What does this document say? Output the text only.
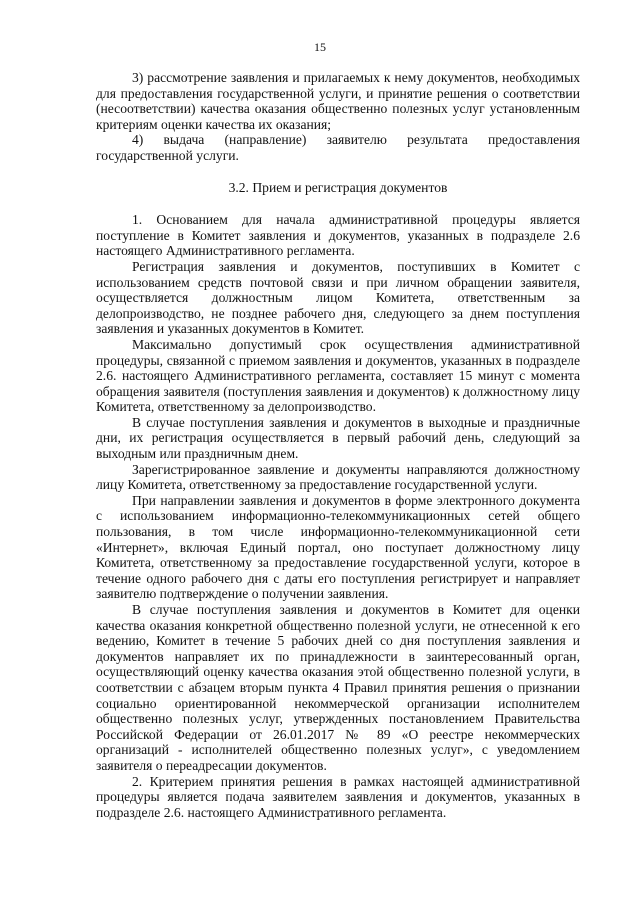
15

3) рассмотрение заявления и прилагаемых к нему документов, необходимых для предоставления государственной услуги, и принятие решения о соответствии (несоответствии) качества оказания общественно полезных услуг установленным критериям оценки качества их оказания;

4) выдача (направление) заявителю результата предоставления государственной услуги.

3.2. Прием и регистрация документов

1. Основанием для начала административной процедуры является поступление в Комитет заявления и документов, указанных в подразделе 2.6 настоящего Административного регламента.

Регистрация заявления и документов, поступивших в Комитет с использованием средств почтовой связи и при личном обращении заявителя, осуществляется должностным лицом Комитета, ответственным за делопроизводство, не позднее рабочего дня, следующего за днем поступления заявления и указанных документов в Комитет.

Максимально допустимый срок осуществления административной процедуры, связанной с приемом заявления и документов, указанных в подразделе 2.6. настоящего Административного регламента, составляет 15 минут с момента обращения заявителя (поступления заявления и документов) к должностному лицу Комитета, ответственному за делопроизводство.

В случае поступления заявления и документов в выходные и праздничные дни, их регистрация осуществляется в первый рабочий день, следующий за выходным или праздничным днем.

Зарегистрированное заявление и документы направляются должностному лицу Комитета, ответственному за предоставление государственной услуги.

При направлении заявления и документов в форме электронного документа с использованием информационно-телекоммуникационных сетей общего пользования, в том числе информационно-телекоммуникационной сети «Интернет», включая Единый портал, оно поступает должностному лицу Комитета, ответственному за предоставление государственной услуги, которое в течение одного рабочего дня с даты его поступления регистрирует и направляет заявителю подтверждение о получении заявления.

В случае поступления заявления и документов в Комитет для оценки качества оказания конкретной общественно полезной услуги, не отнесенной к его ведению, Комитет в течение 5 рабочих дней со дня поступления заявления и документов направляет их по принадлежности в заинтересованный орган, осуществляющий оценку качества оказания этой общественно полезной услуги, в соответствии с абзацем вторым пункта 4 Правил принятия решения о признании социально ориентированной некоммерческой организации исполнителем общественно полезных услуг, утвержденных постановлением Правительства Российской Федерации от 26.01.2017 № 89 «О реестре некоммерческих организаций - исполнителей общественно полезных услуг», с уведомлением заявителя о переадресации документов.

2. Критерием принятия решения в рамках настоящей административной процедуры является подача заявителем заявления и документов, указанных в подразделе 2.6. настоящего Административного регламента.
